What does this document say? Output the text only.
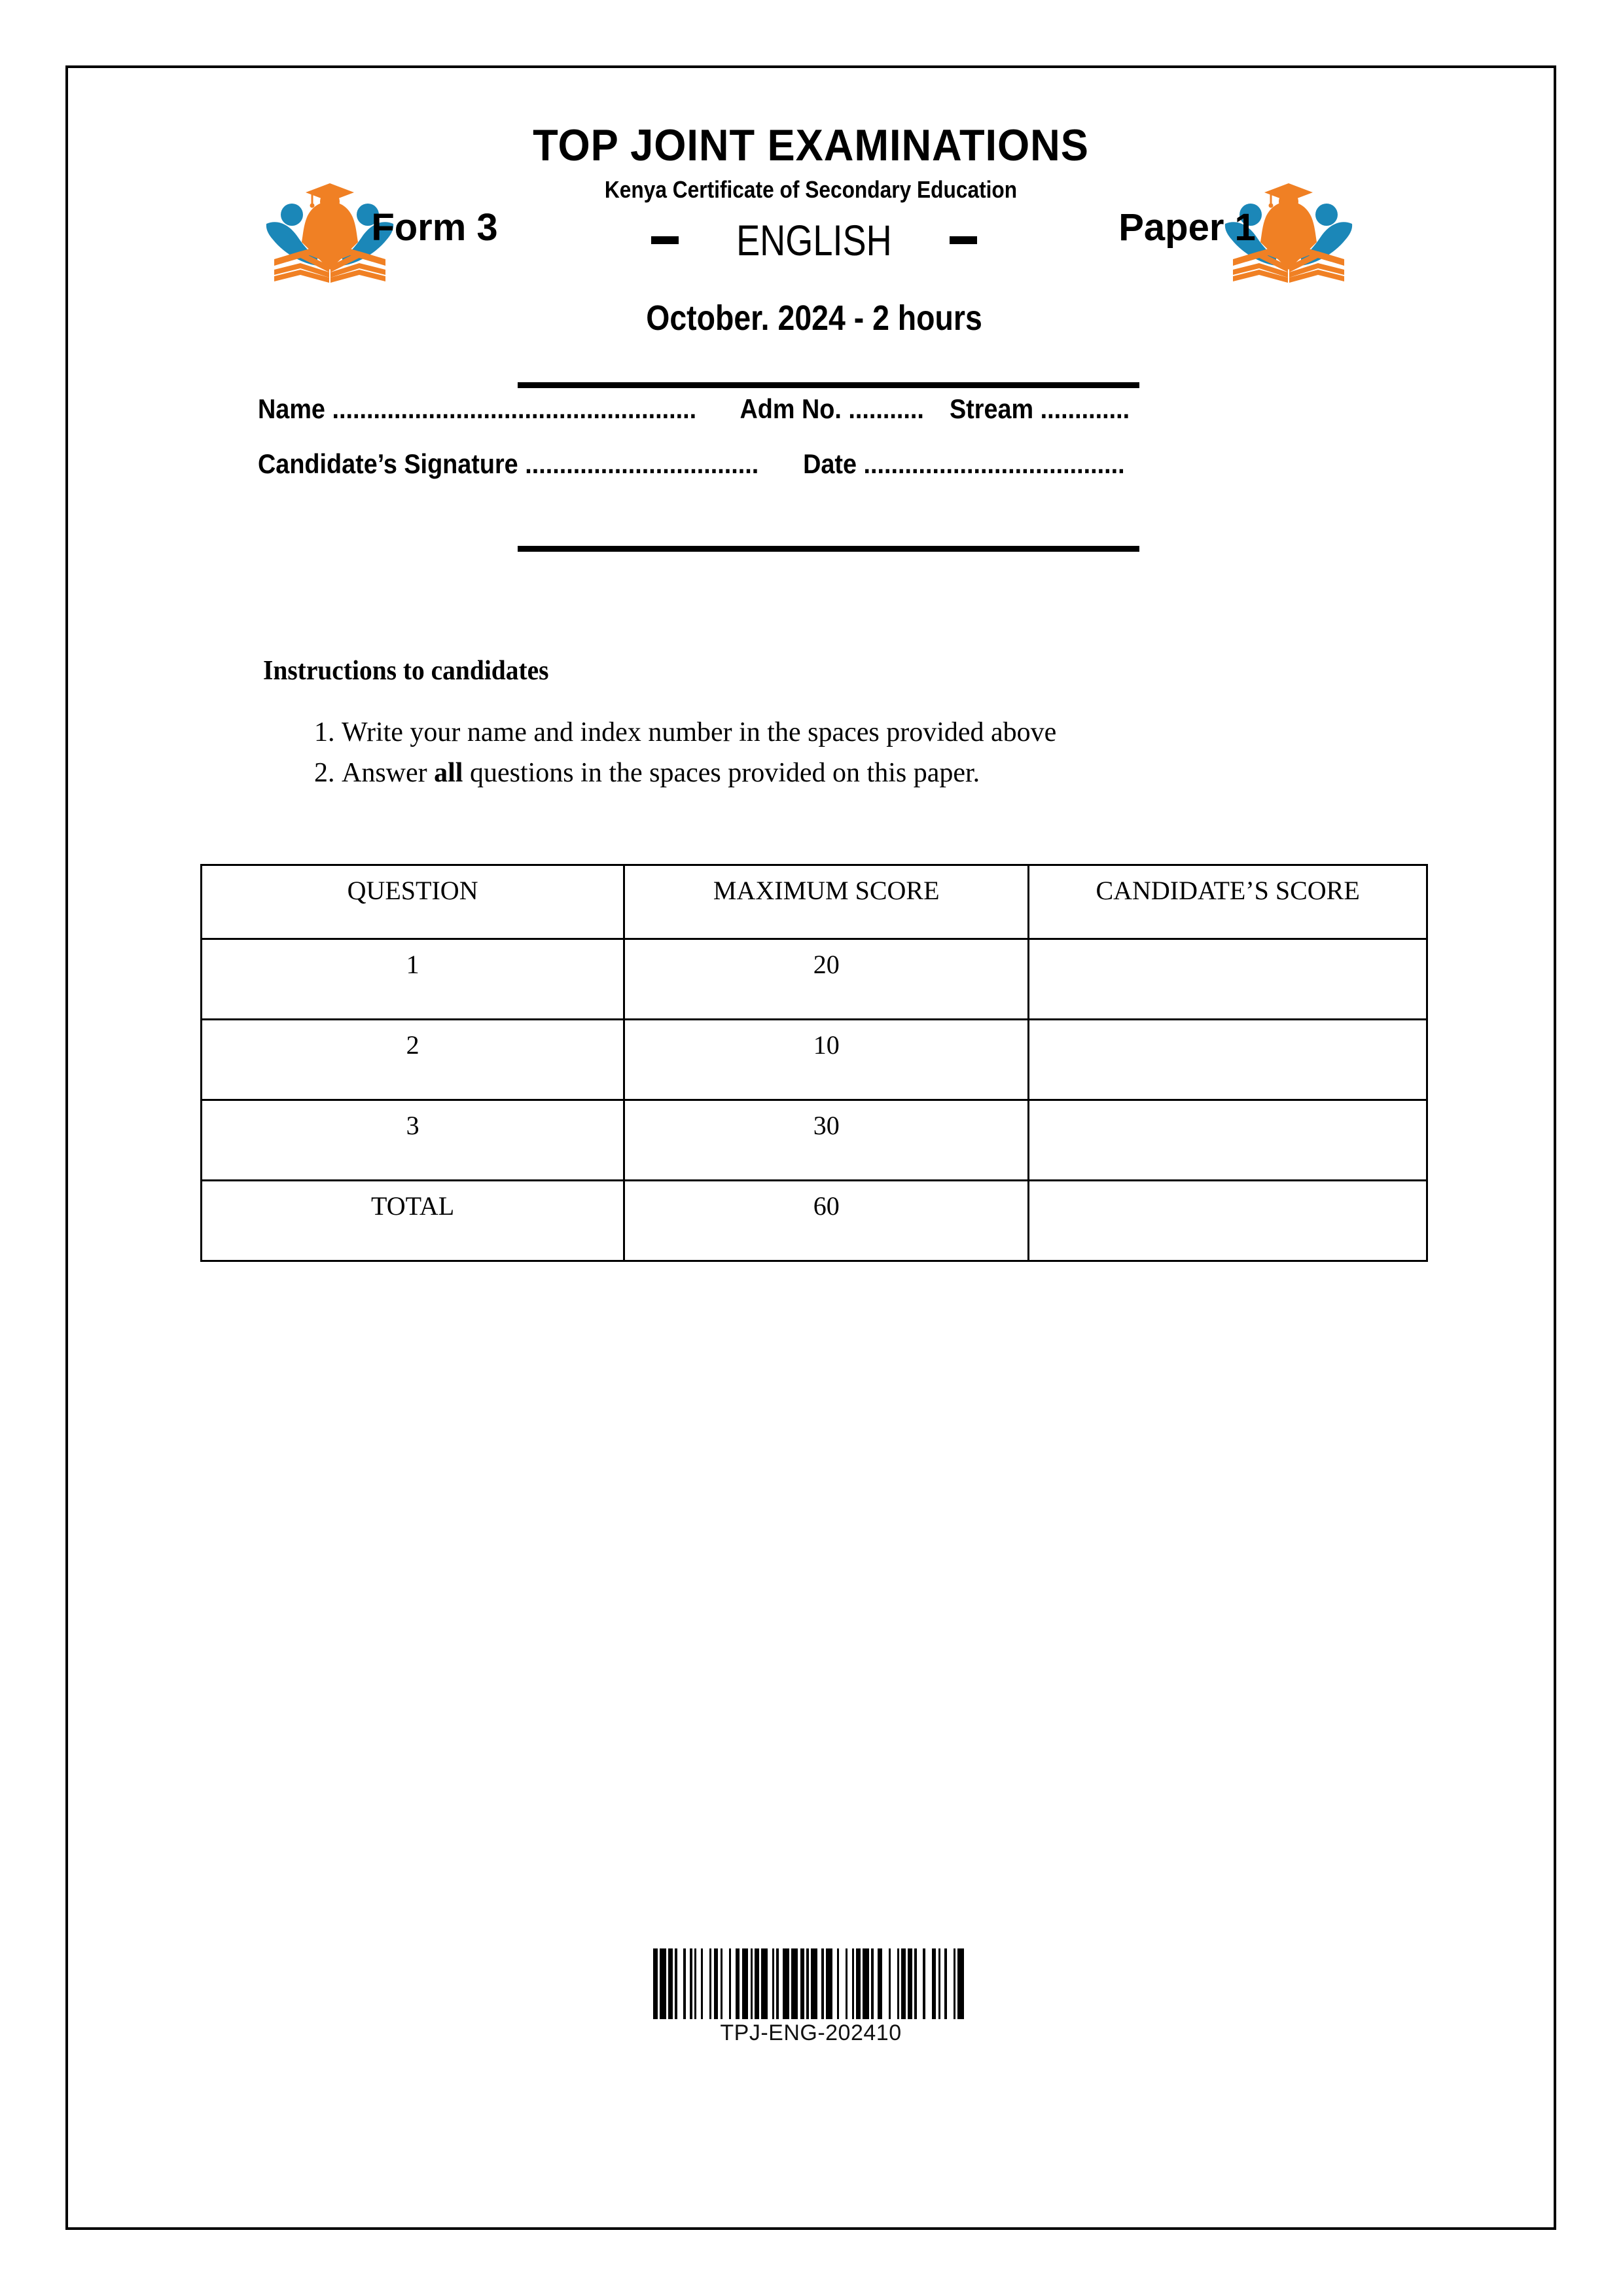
TOP JOINT EXAMINATIONS
Kenya Certificate of Secondary Education
Form 3	Paper 1
ENGLISH
October. 2024 - 2 hours
Name ..................................................... Adm No. ........... Stream .............
Candidate’s Signature .................................. Date ......................................
Instructions to candidates
1. Write your name and index number in the spaces provided above
2. Answer all questions in the spaces provided on this paper.
QUESTION	MAXIMUM SCORE	CANDIDATE’S SCORE
1	20	
2	10	
3	30	
TOTAL	60	
TPJ-ENG-202410
